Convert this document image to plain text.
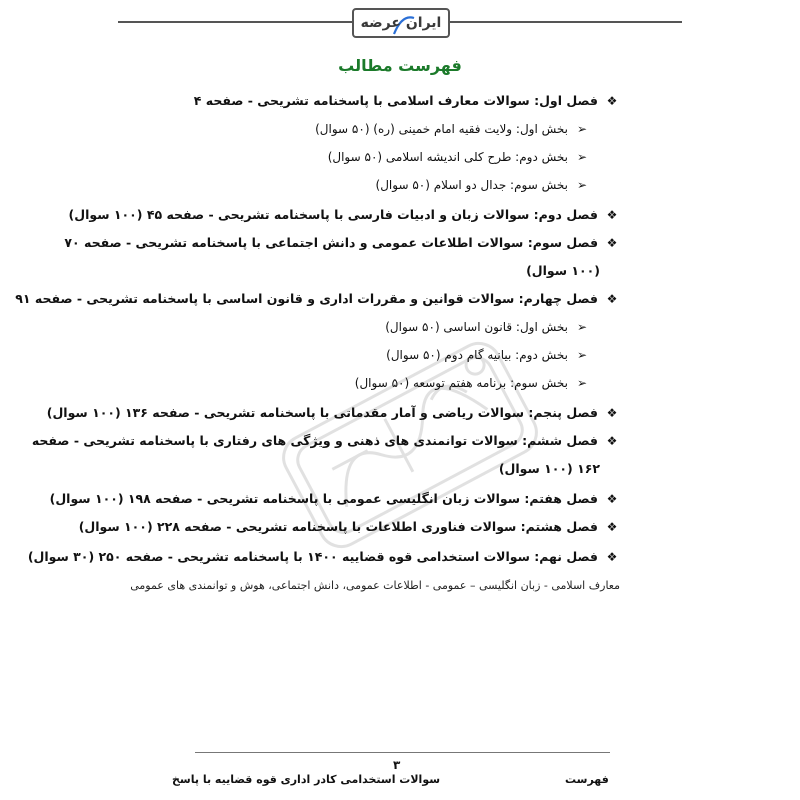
ایران عرضه
فهرست مطالب
❖
فصل اول: سوالات معارف اسلامی با پاسخنامه تشریحی - صفحه ۴
➢
بخش اول: ولایت فقیه امام خمینی (ره) (۵۰ سوال)
➢
بخش دوم: طرح کلی اندیشه اسلامی (۵۰ سوال)
➢
بخش سوم: جدال دو اسلام (۵۰ سوال)
❖
فصل دوم: سوالات زبان و ادبیات فارسی با پاسخنامه تشریحی - صفحه ۴۵ (۱۰۰ سوال)
❖
فصل سوم: سوالات اطلاعات عمومی و دانش اجتماعی با پاسخنامه تشریحی - صفحه ۷۰
(۱۰۰ سوال)
❖
فصل چهارم: سوالات قوانین و مقررات اداری و قانون اساسی با پاسخنامه تشریحی - صفحه ۹۱
➢
بخش اول: قانون اساسی (۵۰ سوال)
➢
بخش دوم: بیانیه گام دوم (۵۰ سوال)
➢
بخش سوم: برنامه هفتم توسعه (۵۰ سوال)
❖
فصل پنجم: سوالات ریاضی و آمار مقدماتی با پاسخنامه تشریحی - صفحه ۱۳۶ (۱۰۰ سوال)
❖
فصل ششم: سوالات توانمندی های ذهنی و ویژگی های رفتاری با پاسخنامه تشریحی - صفحه
۱۶۲ (۱۰۰ سوال)
❖
فصل هفتم: سوالات زبان انگلیسی عمومی با پاسخنامه تشریحی - صفحه ۱۹۸ (۱۰۰ سوال)
❖
فصل هشتم: سوالات فناوری اطلاعات با پاسخنامه تشریحی - صفحه ۲۲۸ (۱۰۰ سوال)
❖
فصل نهم: سوالات استخدامی قوه قضاییه ۱۴۰۰ با پاسخنامه تشریحی - صفحه ۲۵۰ (۳۰ سوال)
معارف اسلامی - زبان انگلیسی – عمومی - اطلاعات عمومی، دانش اجتماعی، هوش و توانمندی های عمومی
۳
سوالات استخدامی کادر اداری قوه قضاییه با پاسخ	فهرست
